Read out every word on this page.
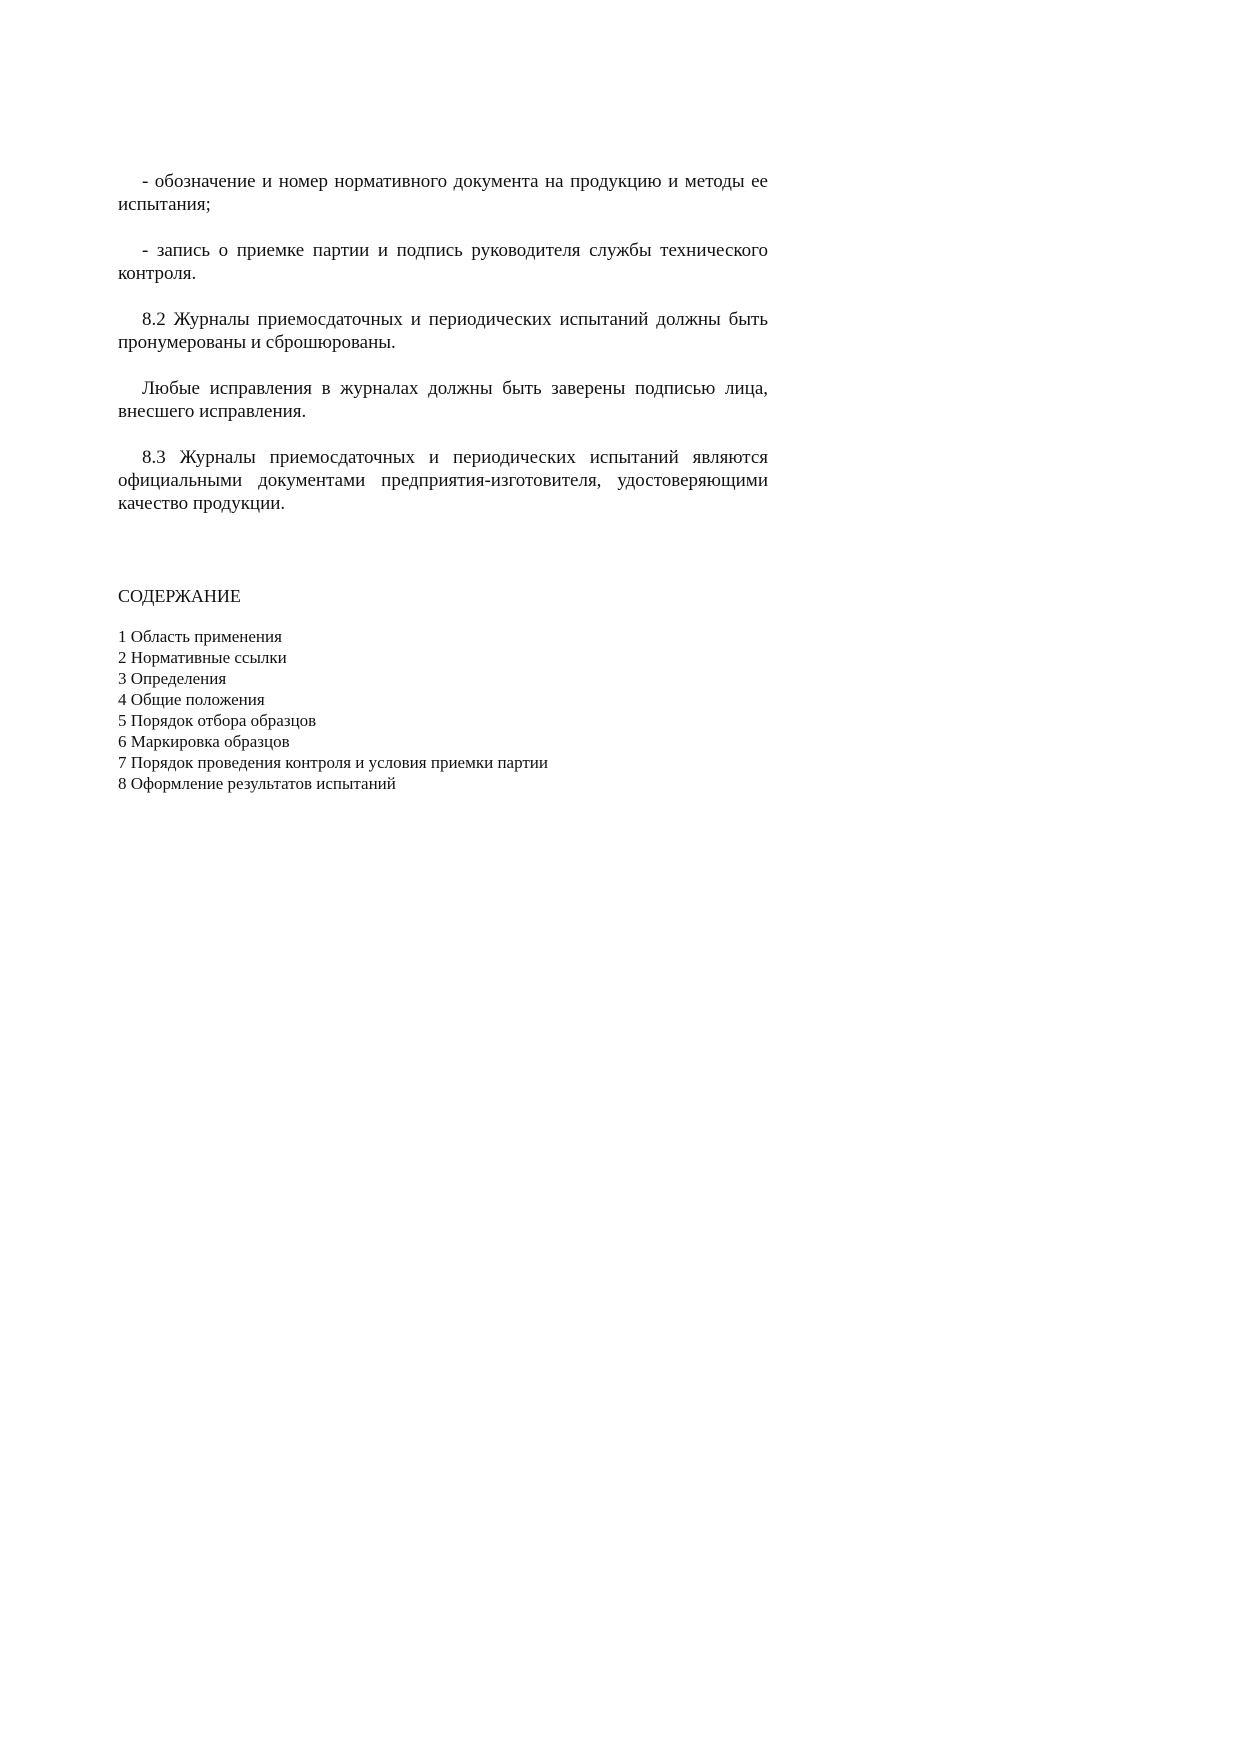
- обозначение и номер нормативного документа на продукцию и методы ее испытания;

- запись о приемке партии и подпись руководителя службы технического контроля.

8.2 Журналы приемосдаточных и периодических испытаний должны быть пронумерованы и сброшюрованы.

Любые исправления в журналах должны быть заверены подписью лица, внесшего исправления.

8.3 Журналы приемосдаточных и периодических испытаний являются официальными документами предприятия-изготовителя, удостоверяющими качество продукции.

СОДЕРЖАНИЕ
1 Область применения
2 Нормативные ссылки
3 Определения
4 Общие положения
5 Порядок отбора образцов
6 Маркировка образцов
7 Порядок проведения контроля и условия приемки партии
8 Оформление результатов испытаний
